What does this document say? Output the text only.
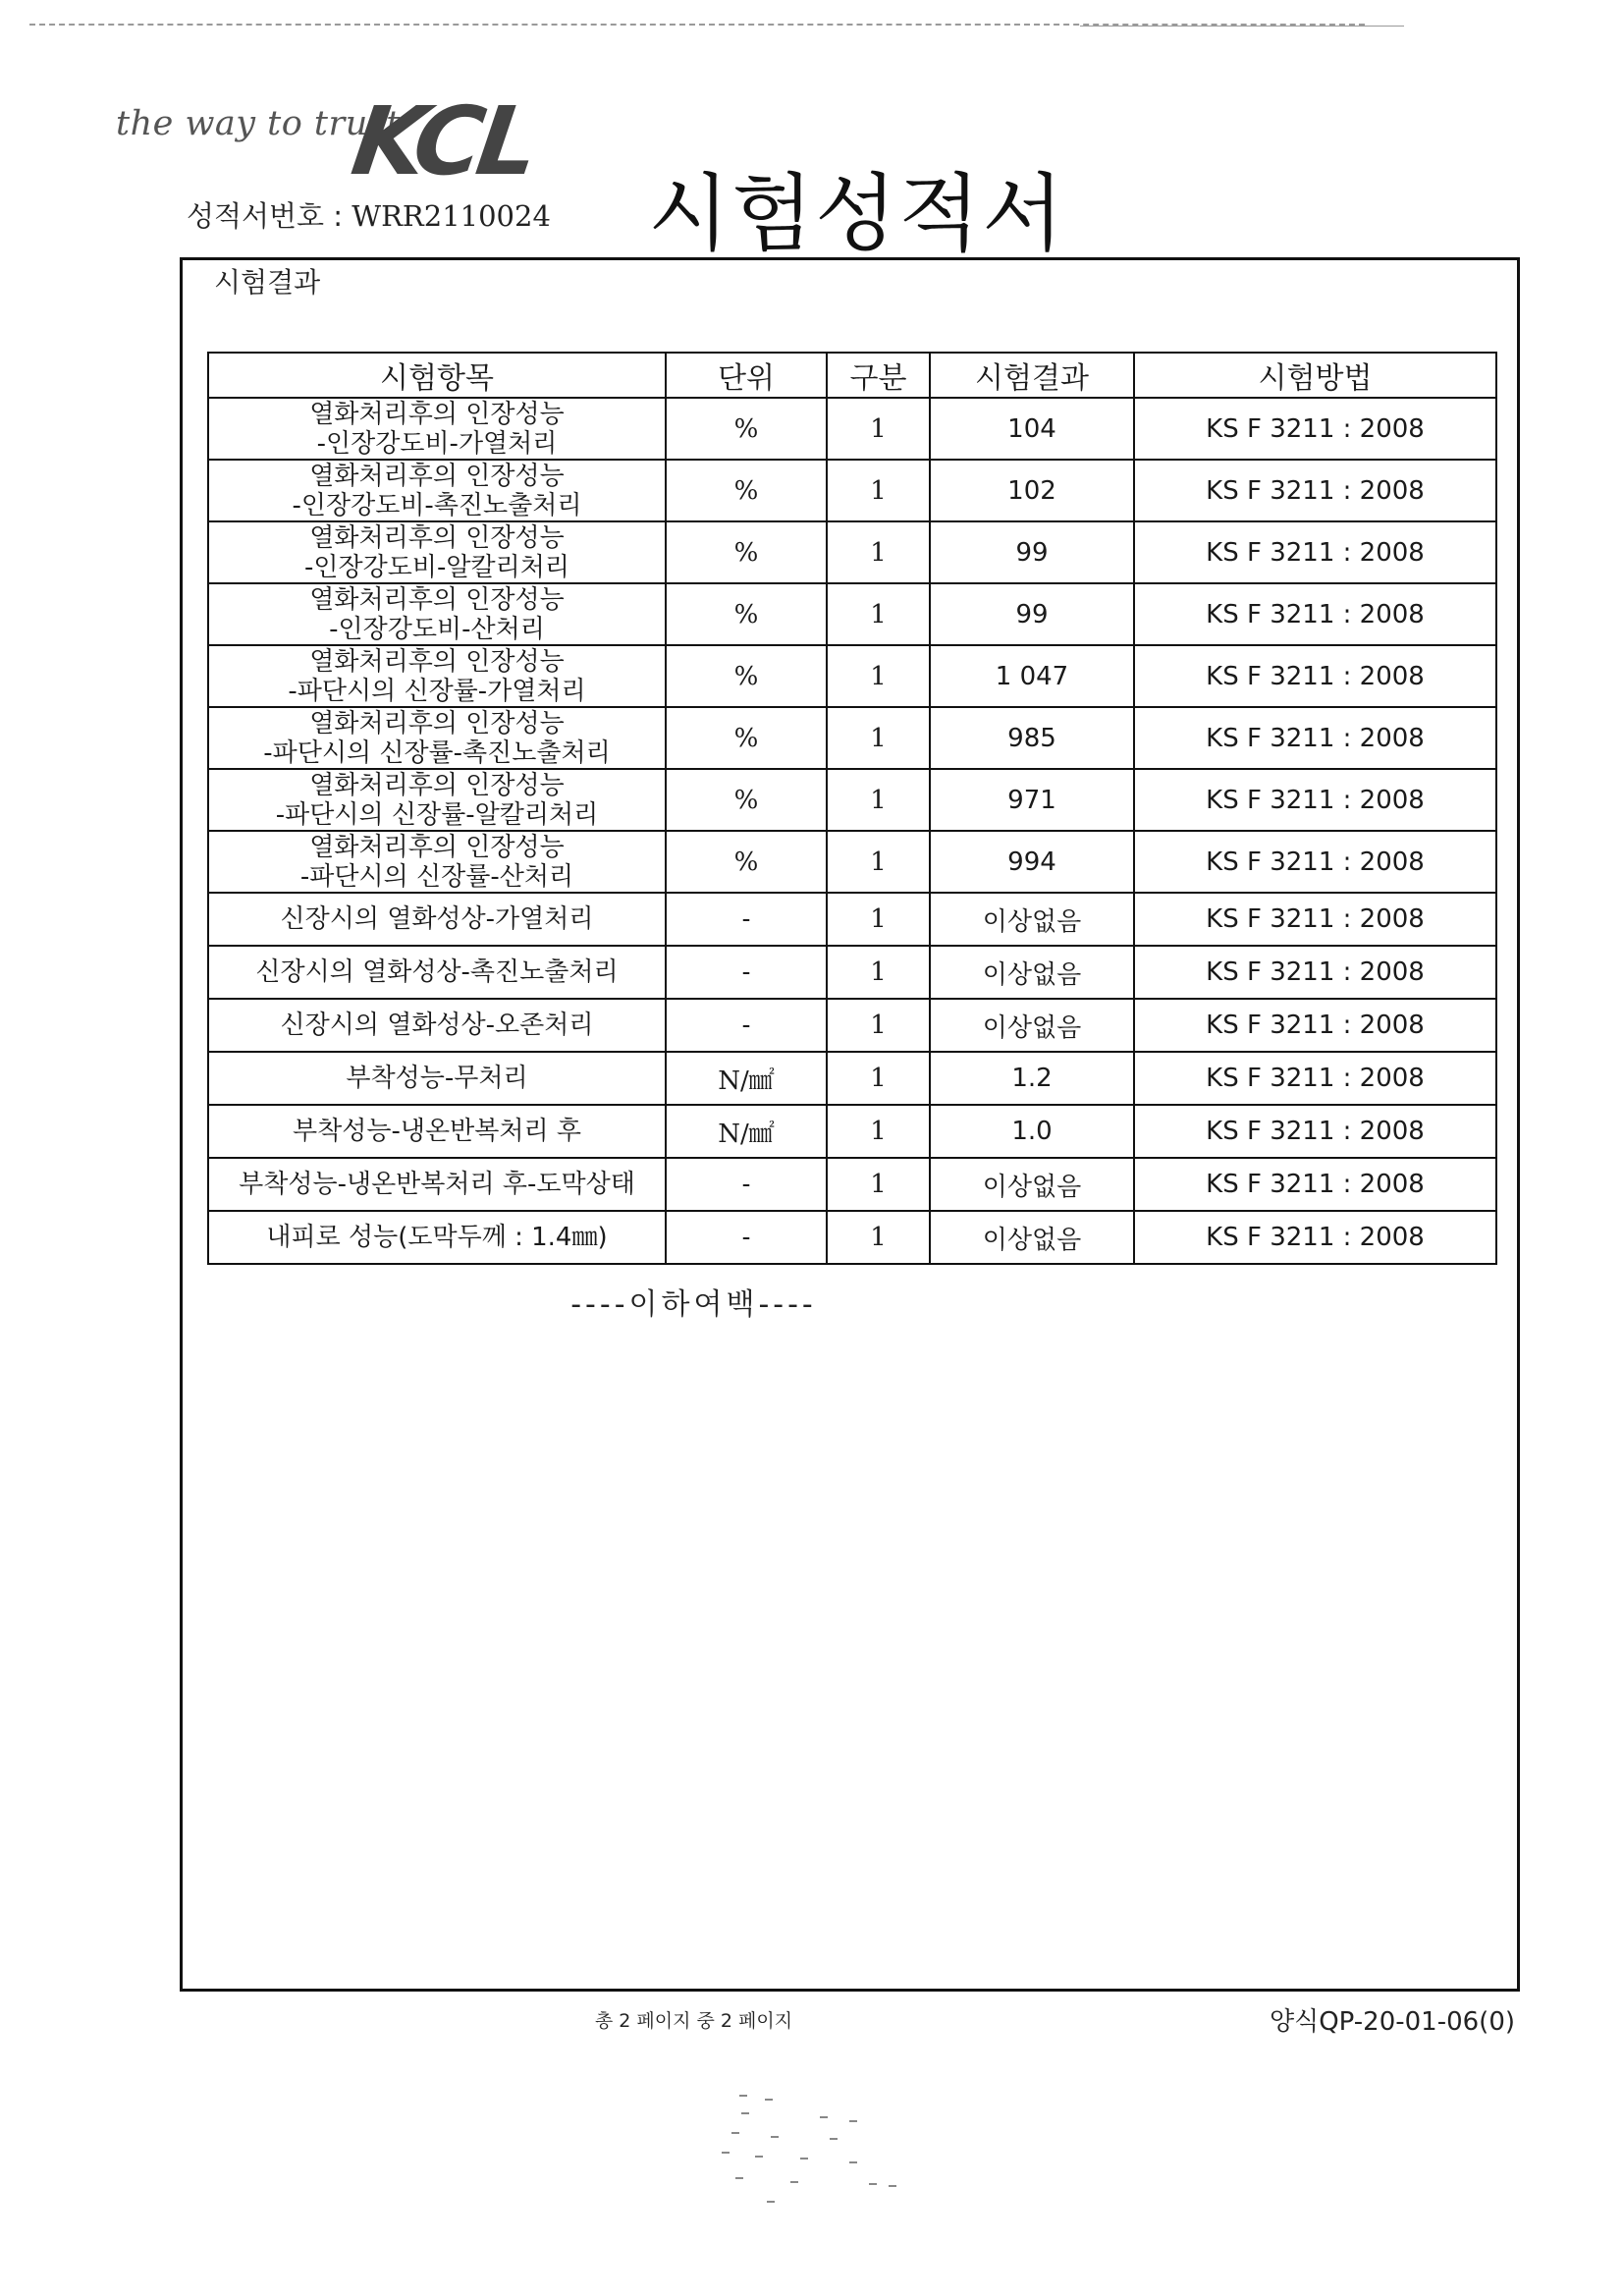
the way to trust
KCL
성적서번호 : WRR2110024 시험성적서
시험결과
시험항목	단위	구분	시험결과	시험방법

열화처리후의 인장성능
-인장강도비-가열처리	%	1	104	KS F 3211 : 2008

열화처리후의 인장성능
-인장강도비-촉진노출처리	%	1	102	KS F 3211 : 2008

열화처리후의 인장성능
-인장강도비-알칼리처리	%	1	99	KS F 3211 : 2008

열화처리후의 인장성능
-인장강도비-산처리	%	1	99	KS F 3211 : 2008

열화처리후의 인장성능
-파단시의 신장률-가열처리	%	1	1 047	KS F 3211 : 2008

열화처리후의 인장성능
-파단시의 신장률-촉진노출처리	%	1	985	KS F 3211 : 2008

열화처리후의 인장성능
-파단시의 신장률-알칼리처리	%	1	971	KS F 3211 : 2008

열화처리후의 인장성능
-파단시의 신장률-산처리	%	1	994	KS F 3211 : 2008
신장시의 열화성상-가열처리	-	1	이상없음	KS F 3211 : 2008
신장시의 열화성상-촉진노출처리	-	1	이상없음	KS F 3211 : 2008
신장시의 열화성상-오존처리	-	1	이상없음	KS F 3211 : 2008
부착성능-무처리	N/㎟	1	1.2	KS F 3211 : 2008
부착성능-냉온반복처리 후	N/㎟	1	1.0	KS F 3211 : 2008
부착성능-냉온반복처리 후-도막상태	-	1	이상없음	KS F 3211 : 2008
내피로 성능(도막두께 : 1.4㎜)	-	1	이상없음	KS F 3211 : 2008
----이하여백----
총 2 페이지 중 2 페이지	양식QP-20-01-06(0)
